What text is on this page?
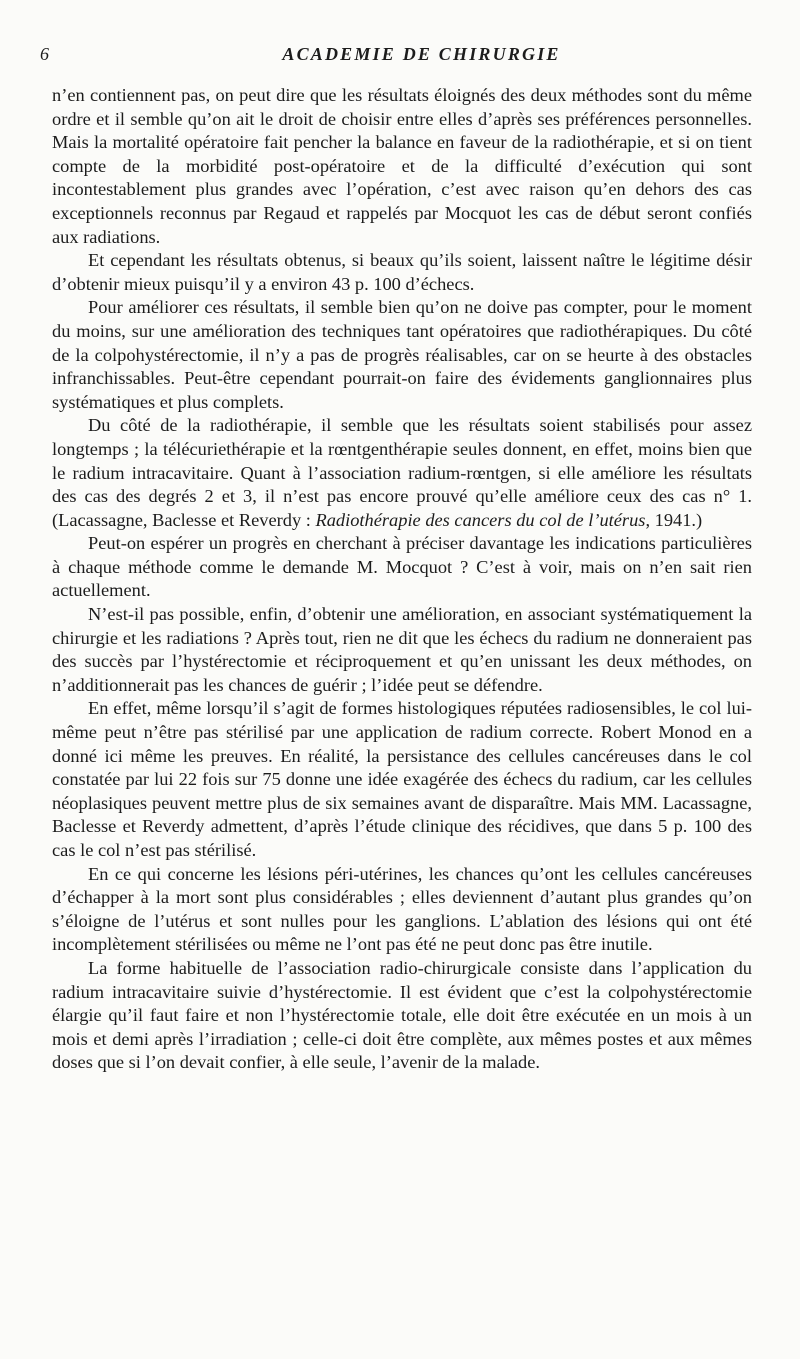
6	ACADEMIE DE CHIRURGIE

n’en contiennent pas, on peut dire que les résultats éloignés des deux méthodes sont du même ordre et il semble qu’on ait le droit de choisir entre elles d’après ses préférences personnelles. Mais la mortalité opératoire fait pencher la balance en faveur de la radiothérapie, et si on tient compte de la morbidité post-opératoire et de la difficulté d’exécution qui sont incontestablement plus grandes avec l’opération, c’est avec raison qu’en dehors des cas exceptionnels reconnus par Regaud et rappelés par Mocquot les cas de début seront confiés aux radiations.

Et cependant les résultats obtenus, si beaux qu’ils soient, laissent naître le légitime désir d’obtenir mieux puisqu’il y a environ 43 p. 100 d’échecs.

Pour améliorer ces résultats, il semble bien qu’on ne doive pas compter, pour le moment du moins, sur une amélioration des techniques tant opératoires que radiothérapiques. Du côté de la colpohystérectomie, il n’y a pas de progrès réalisables, car on se heurte à des obstacles infranchissables. Peut-être cependant pourrait-on faire des évidements ganglionnaires plus systématiques et plus complets.

Du côté de la radiothérapie, il semble que les résultats soient stabilisés pour assez longtemps ; la télécuriethérapie et la rœntgenthérapie seules donnent, en effet, moins bien que le radium intracavitaire. Quant à l’association radium-rœntgen, si elle améliore les résultats des cas des degrés 2 et 3, il n’est pas encore prouvé qu’elle améliore ceux des cas n° 1. (Lacassagne, Baclesse et Reverdy : Radiothérapie des cancers du col de l’utérus, 1941.)

Peut-on espérer un progrès en cherchant à préciser davantage les indications particulières à chaque méthode comme le demande M. Mocquot ? C’est à voir, mais on n’en sait rien actuellement.

N’est-il pas possible, enfin, d’obtenir une amélioration, en associant systématiquement la chirurgie et les radiations ? Après tout, rien ne dit que les échecs du radium ne donneraient pas des succès par l’hystérectomie et réciproquement et qu’en unissant les deux méthodes, on n’additionnerait pas les chances de guérir ; l’idée peut se défendre.

En effet, même lorsqu’il s’agit de formes histologiques réputées radiosensibles, le col lui-même peut n’être pas stérilisé par une application de radium correcte. Robert Monod en a donné ici même les preuves. En réalité, la persistance des cellules cancéreuses dans le col constatée par lui 22 fois sur 75 donne une idée exagérée des échecs du radium, car les cellules néoplasiques peuvent mettre plus de six semaines avant de disparaître. Mais MM. Lacassagne, Baclesse et Reverdy admettent, d’après l’étude clinique des récidives, que dans 5 p. 100 des cas le col n’est pas stérilisé.

En ce qui concerne les lésions péri-utérines, les chances qu’ont les cellules cancéreuses d’échapper à la mort sont plus considérables ; elles deviennent d’autant plus grandes qu’on s’éloigne de l’utérus et sont nulles pour les ganglions. L’ablation des lésions qui ont été incomplètement stérilisées ou même ne l’ont pas été ne peut donc pas être inutile.

La forme habituelle de l’association radio-chirurgicale consiste dans l’application du radium intracavitaire suivie d’hystérectomie. Il est évident que c’est la colpohystérectomie élargie qu’il faut faire et non l’hystérectomie totale, elle doit être exécutée en un mois à un mois et demi après l’irradiation ; celle-ci doit être complète, aux mêmes postes et aux mêmes doses que si l’on devait confier, à elle seule, l’avenir de la malade.
